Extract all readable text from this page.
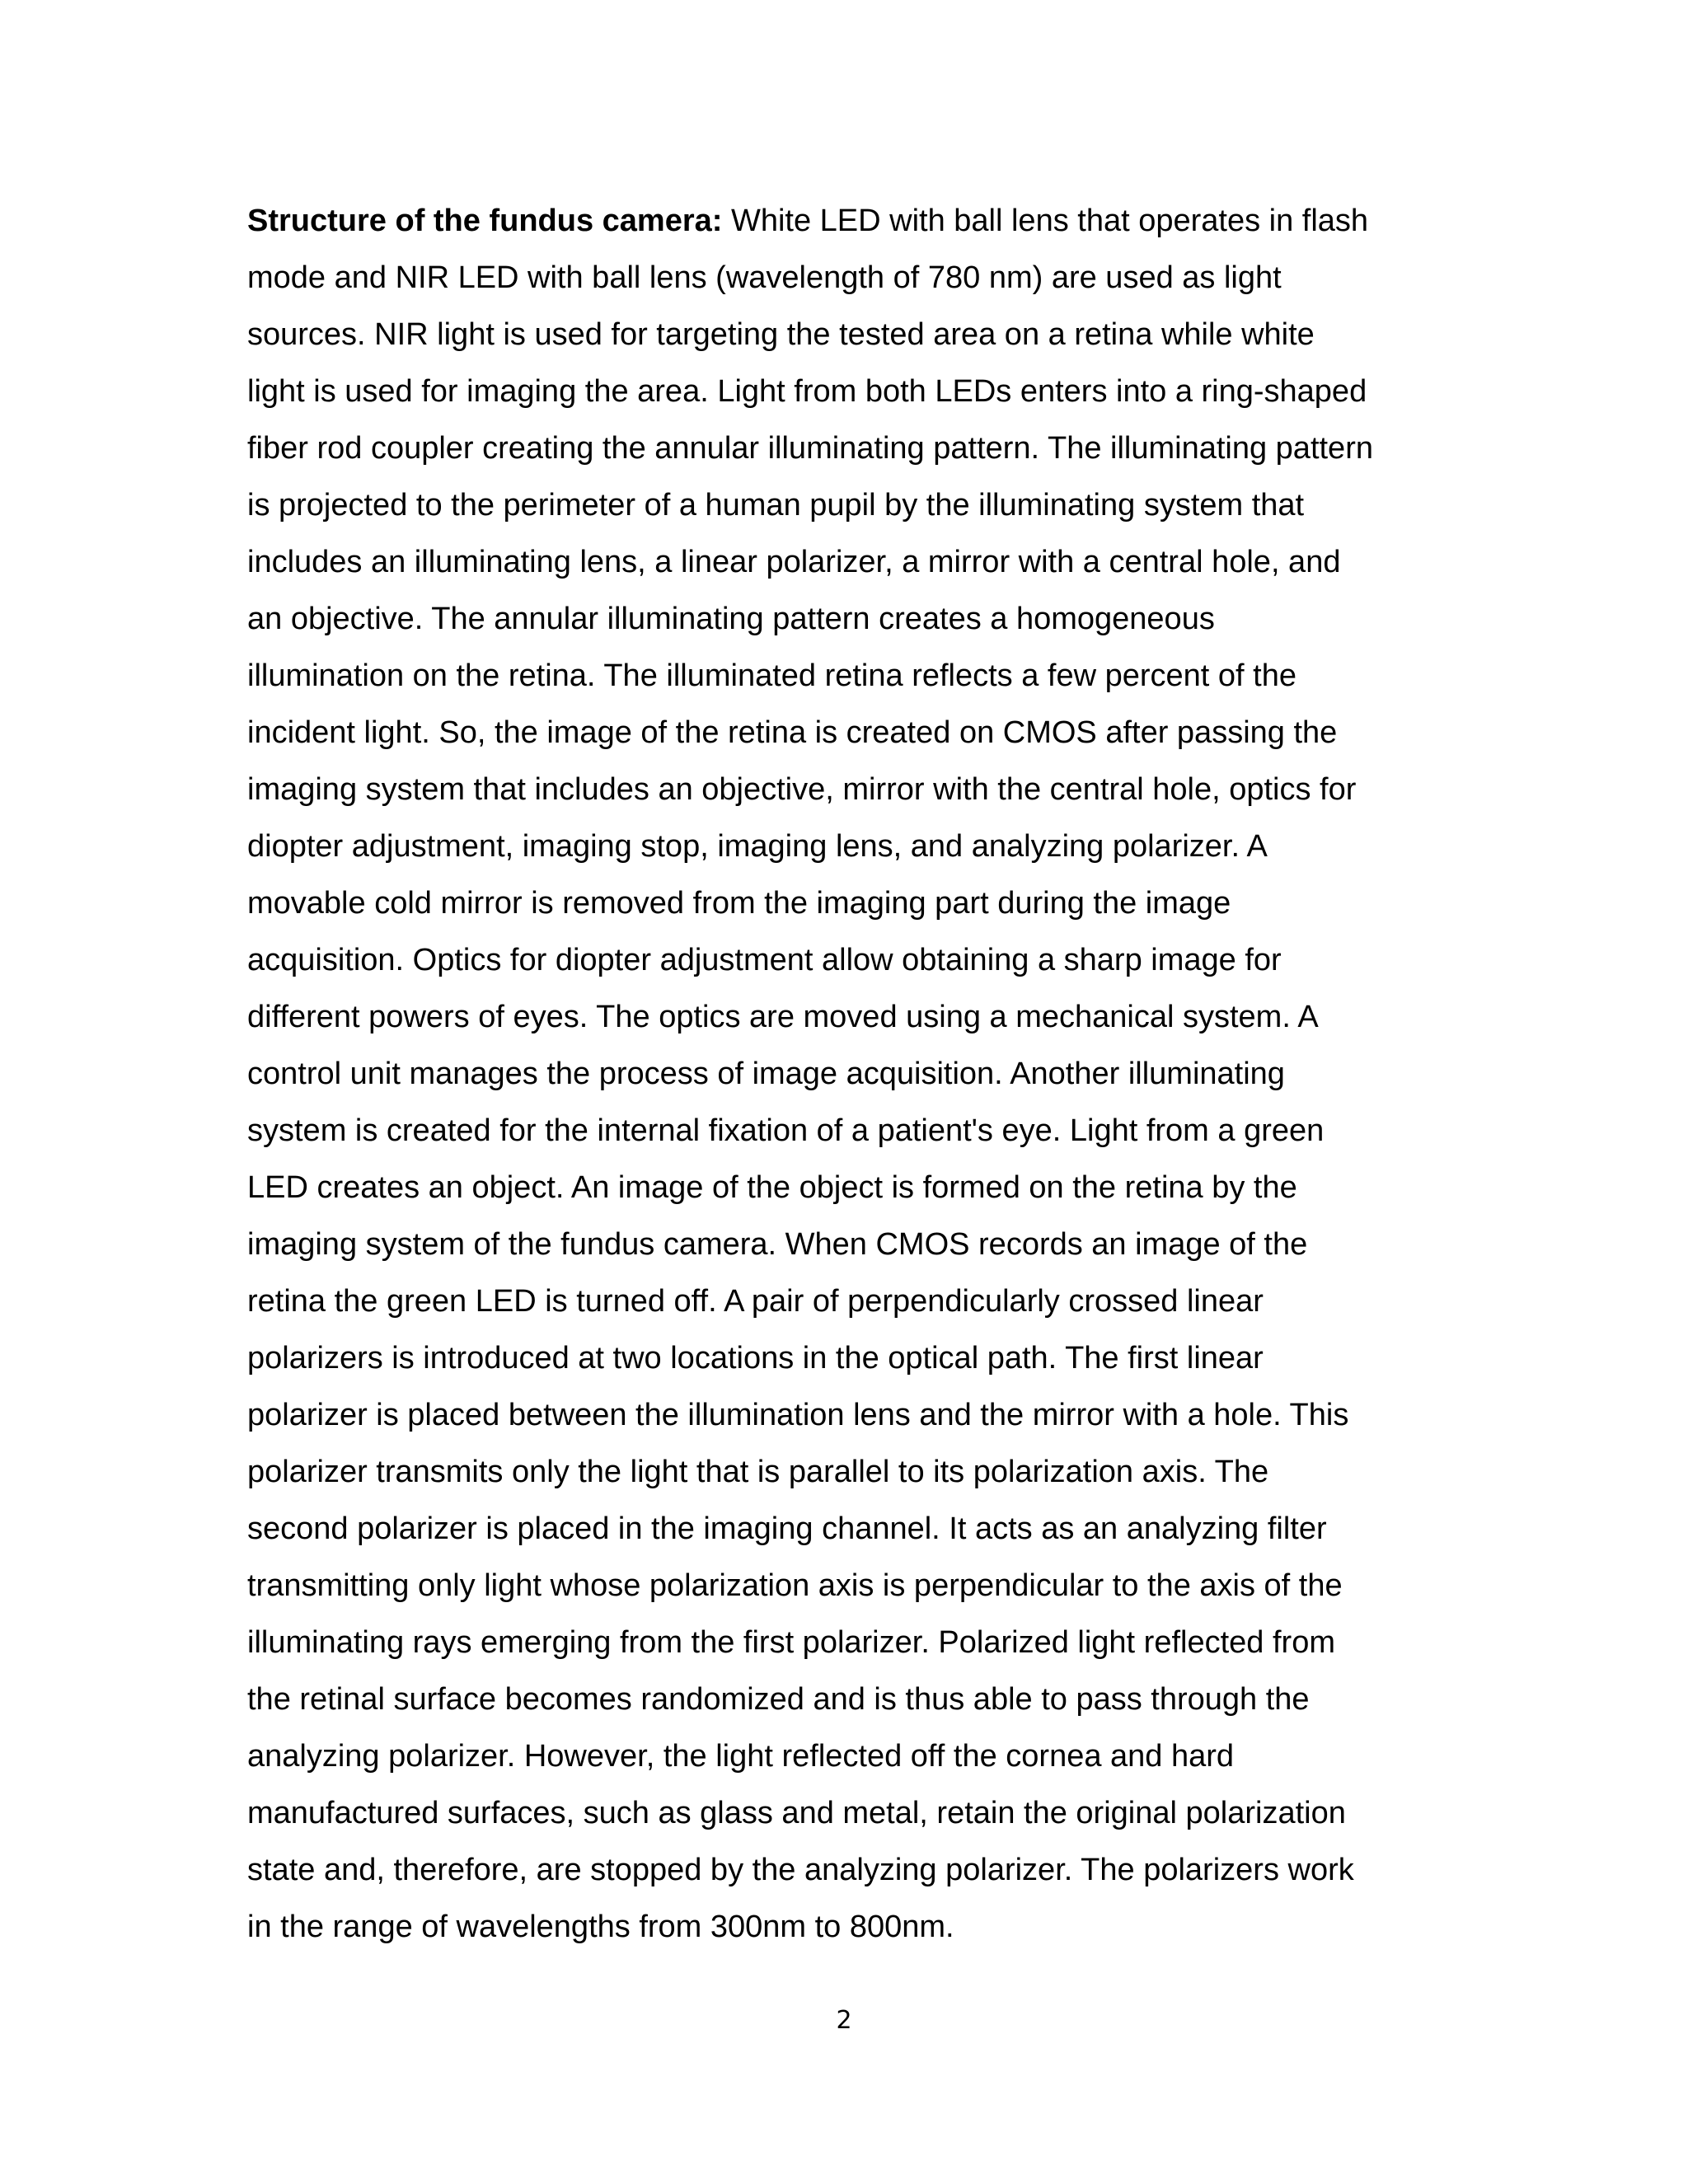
Structure of the fundus camera: White LED with ball lens that operates in flash
mode and NIR LED with ball lens (wavelength of 780 nm) are used as light
sources. NIR light is used for targeting the tested area on a retina while white
light is used for imaging the area. Light from both LEDs enters into a ring-shaped
fiber rod coupler creating the annular illuminating pattern. The illuminating pattern
is projected to the perimeter of a human pupil by the illuminating system that
includes an illuminating lens, a linear polarizer, a mirror with a central hole, and
an objective. The annular illuminating pattern creates a homogeneous
illumination on the retina. The illuminated retina reflects a few percent of the
incident light. So, the image of the retina is created on CMOS after passing the
imaging system that includes an objective, mirror with the central hole, optics for
diopter adjustment, imaging stop, imaging lens, and analyzing polarizer. A
movable cold mirror is removed from the imaging part during the image
acquisition. Optics for diopter adjustment allow obtaining a sharp image for
different powers of eyes. The optics are moved using a mechanical system. A
control unit manages the process of image acquisition. Another illuminating
system is created for the internal fixation of a patient's eye. Light from a green
LED creates an object. An image of the object is formed on the retina by the
imaging system of the fundus camera. When CMOS records an image of the
retina the green LED is turned off. A pair of perpendicularly crossed linear
polarizers is introduced at two locations in the optical path. The first linear
polarizer is placed between the illumination lens and the mirror with a hole. This
polarizer transmits only the light that is parallel to its polarization axis. The
second polarizer is placed in the imaging channel. It acts as an analyzing filter
transmitting only light whose polarization axis is perpendicular to the axis of the
illuminating rays emerging from the first polarizer. Polarized light reflected from
the retinal surface becomes randomized and is thus able to pass through the
analyzing polarizer. However, the light reflected off the cornea and hard
manufactured surfaces, such as glass and metal, retain the original polarization
state and, therefore, are stopped by the analyzing polarizer. The polarizers work
in the range of wavelengths from 300nm to 800nm.
2
